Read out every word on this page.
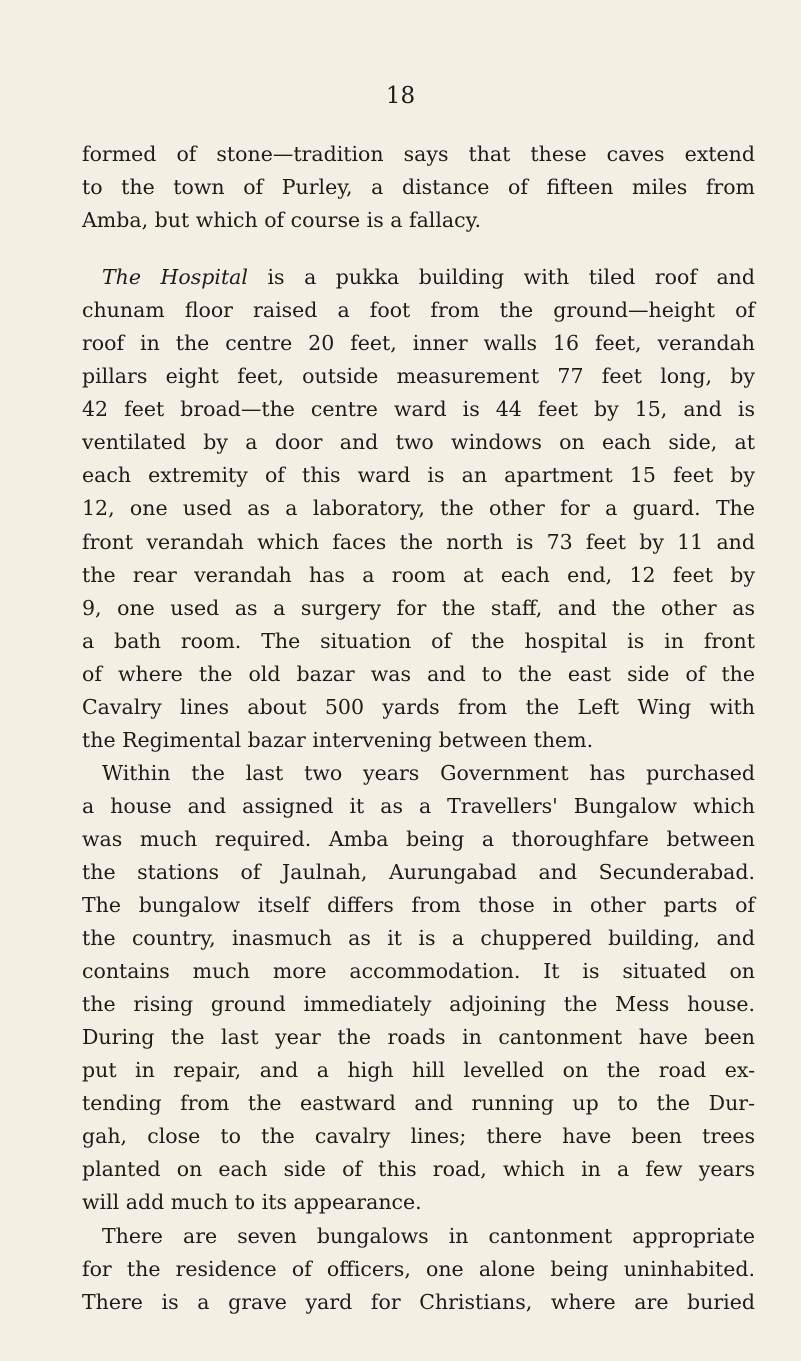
18
formed of stone—tradition says that these caves extend
to the town of Purley, a distance of fifteen miles from
Amba, but which of course is a fallacy.
The Hospital is a pukka building with tiled roof and
chunam floor raised a foot from the ground—height of
roof in the centre 20 feet, inner walls 16 feet, verandah
pillars eight feet, outside measurement 77 feet long, by
42 feet broad—the centre ward is 44 feet by 15, and is
ventilated by a door and two windows on each side, at
each extremity of this ward is an apartment 15 feet by
12, one used as a laboratory, the other for a guard. The
front verandah which faces the north is 73 feet by 11 and
the rear verandah has a room at each end, 12 feet by
9, one used as a surgery for the staff, and the other as
a bath room. The situation of the hospital is in front
of where the old bazar was and to the east side of the
Cavalry lines about 500 yards from the Left Wing with
the Regimental bazar intervening between them.
Within the last two years Government has purchased
a house and assigned it as a Travellers' Bungalow which
was much required. Amba being a thoroughfare between
the stations of Jaulnah, Aurungabad and Secunderabad.
The bungalow itself differs from those in other parts of
the country, inasmuch as it is a chuppered building, and
contains much more accommodation. It is situated on
the rising ground immediately adjoining the Mess house.
During the last year the roads in cantonment have been
put in repair, and a high hill levelled on the road ex-
tending from the eastward and running up to the Dur-
gah, close to the cavalry lines; there have been trees
planted on each side of this road, which in a few years
will add much to its appearance.
There are seven bungalows in cantonment appropriate
for the residence of officers, one alone being uninhabited.
There is a grave yard for Christians, where are buried
